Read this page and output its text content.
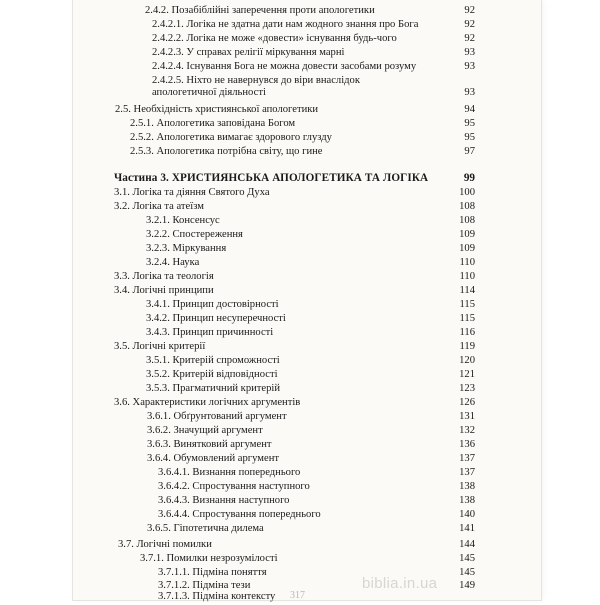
2.4.2. Позабіблійні заперечення проти апологетики	92
2.4.2.1. Логіка не здатна дати нам жодного знання про Бога	92
2.4.2.2. Логіка не може «довести» існування будь-чого	92
2.4.2.3. У справах релігії міркування марні	93
2.4.2.4. Існування Бога не можна довести засобами розуму	93
2.4.2.5. Ніхто не навернувся до віри внаслідок
апологетичної діяльності	93
2.5. Необхідність християнської апологетики	94
2.5.1. Апологетика заповідана Богом	95
2.5.2. Апологетика вимагає здорового глузду	95
2.5.3. Апологетика потрібна світу, що гине	97
Частина 3. ХРИСТИЯНСЬКА АПОЛОГЕТИКА ТА ЛОГІКА	99
3.1. Логіка та діяння Святого Духа	100
3.2. Логіка та атеїзм	108
3.2.1. Консенсус	108
3.2.2. Спостереження	109
3.2.3. Міркування	109
3.2.4. Наука	110
3.3. Логіка та теологія	110
3.4. Логічні принципи	114
3.4.1. Принцип достовірності	115
3.4.2. Принцип несуперечності	115
3.4.3. Принцип причинності	116
3.5. Логічні критерії	119
3.5.1. Критерій спроможності	120
3.5.2. Критерій відповідності	121
3.5.3. Прагматичний критерій	123
3.6. Характеристики логічних аргументів	126
3.6.1. Обґрунтований аргумент	131
3.6.2. Значущий аргумент	132
3.6.3. Винятковий аргумент	136
3.6.4. Обумовлений аргумент	137
3.6.4.1. Визнання попереднього	137
3.6.4.2. Спростування наступного	138
3.6.4.3. Визнання наступного	138
3.6.4.4. Спростування попереднього	140
3.6.5. Гіпотетична дилема	141
3.7. Логічні помилки	144
3.7.1. Помилки незрозумілості	145
3.7.1.1. Підміна поняття	145
3.7.1.2. Підміна тези	149
3.7.1.3. Підміна контексту
biblia.in.ua
317
